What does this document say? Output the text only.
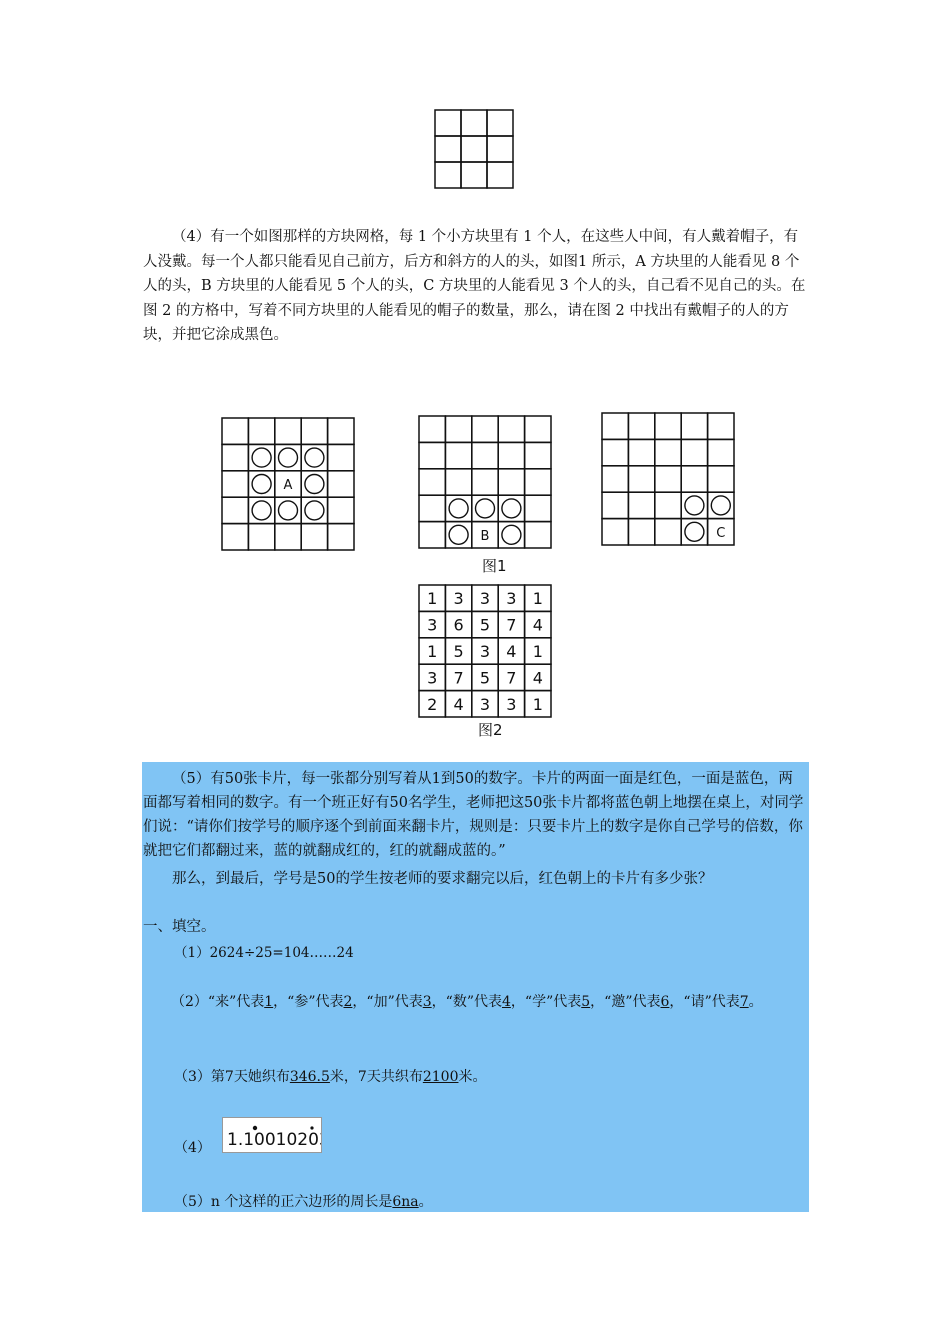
（4）有一个如图那样的方块网格，每 1 个小方块里有 1 个人，在这些人中间，有人戴着帽子，有人没戴。每一个人都只能看见自己前方，后方和斜方的人的头，如图1 所示，A 方块里的人能看见 8 个人的头，B 方块里的人能看见 5 个人的头，C 方块里的人能看见 3 个人的头，自己看不见自己的头。在图 2 的方格中，写着不同方块里的人能看见的帽子的数量，那么，请在图 2 中找出有戴帽子的人的方块，并把它涂成黑色。
A
B	C
图1
1 3 3 3 1
3 6 5 7 4
1 5 3 4 1
3 7 5 7 4
2 4 3 3 1
图2
（5）有50张卡片，每一张都分别写着从1到50的数字。卡片的两面一面是红色，一面是蓝色，两面都写着相同的数字。有一个班正好有50名学生，老师把这50张卡片都将蓝色朝上地摆在桌上，对同学们说：“请你们按学号的顺序逐个到前面来翻卡片，规则是：只要卡片上的数字是你自己学号的倍数，你就把它们都翻过来，蓝的就翻成红的，红的就翻成蓝的。”
那么，到最后，学号是50的学生按老师的要求翻完以后，红色朝上的卡片有多少张？
一、填空。
（1）2624÷25=104……24
（2）“来”代表1，“参”代表2，“加”代表3，“数”代表4，“学”代表5，“邀”代表6，“请”代表7。
（3）第7天她织布346.5米，7天共织布2100米。
（4） 1.10010203
（5）n 个这样的正六边形的周长是6na。
